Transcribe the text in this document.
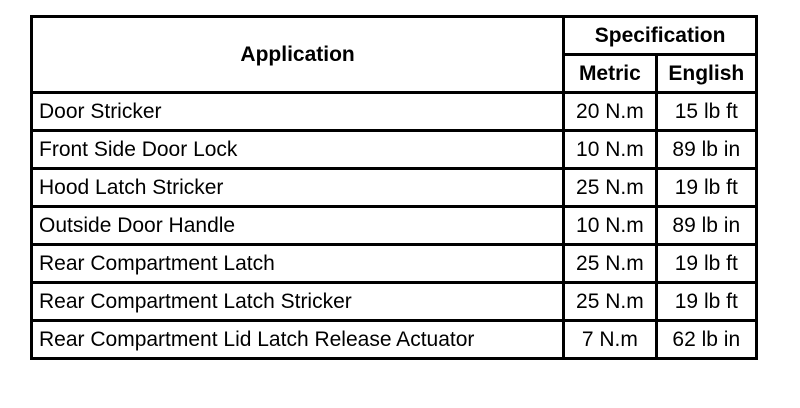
Application	Specification	
	Metric	English
Door Stricker	20 N.m	15 lb ft
Front Side Door Lock	10 N.m	89 lb in
Hood Latch Stricker	25 N.m	19 lb ft
Outside Door Handle	10 N.m	89 lb in
Rear Compartment Latch	25 N.m	19 lb ft
Rear Compartment Latch Stricker	25 N.m	19 lb ft
Rear Compartment Lid Latch Release Actuator	7 N.m	62 lb in
